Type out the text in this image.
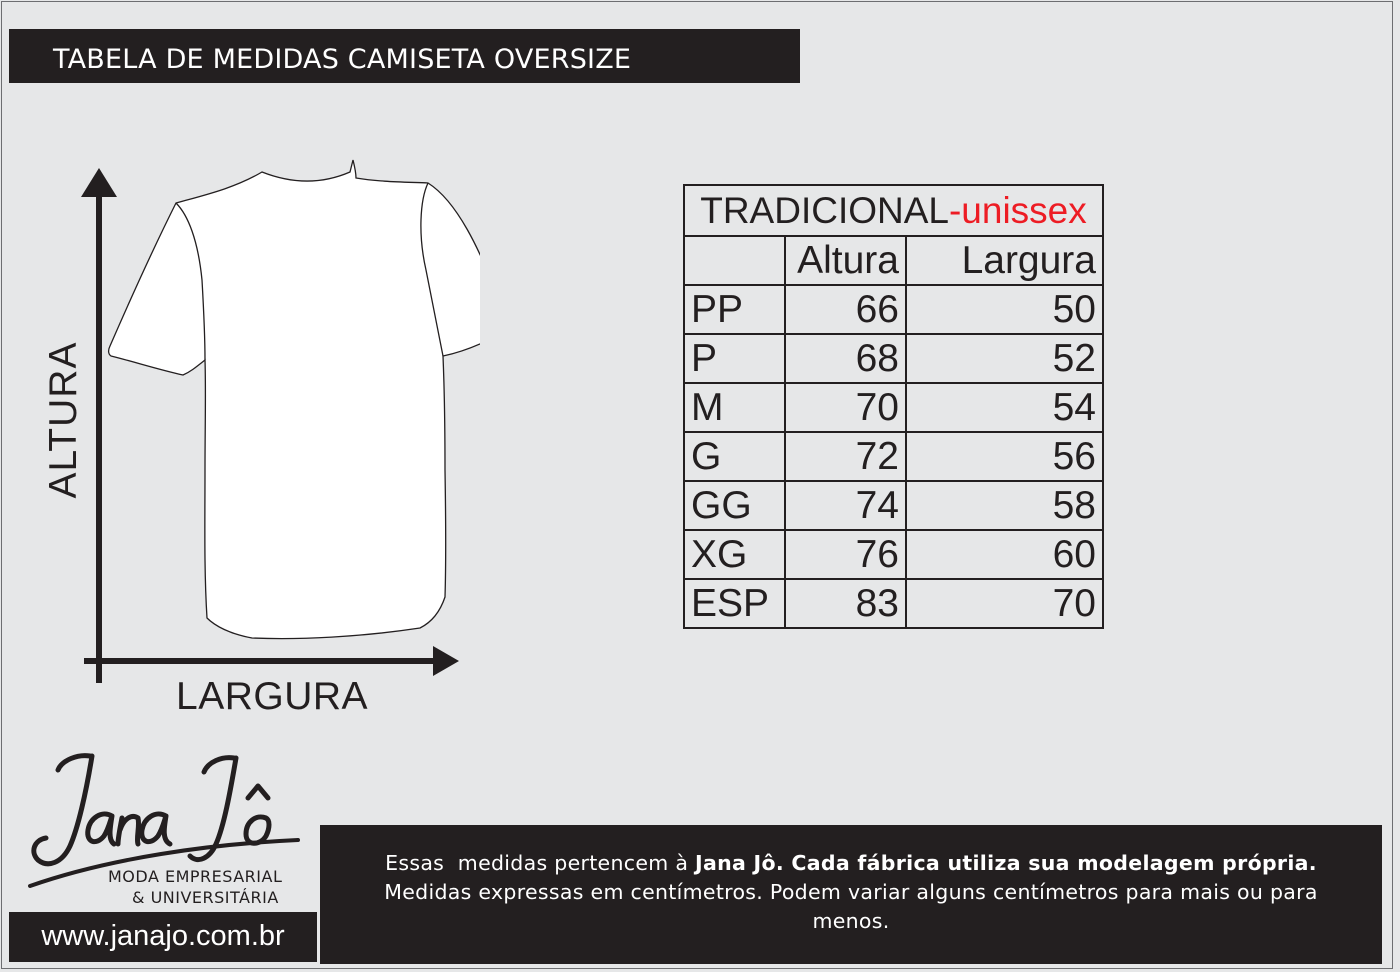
TABELA DE MEDIDAS CAMISETA OVERSIZE
ALTURA
LARGURA
TRADICIONAL-unissex		
	Altura	Largura
PP	66	50
P	68	52
M	70	54
G	72	56
GG	74	58
XG	76	60
ESP	83	70
MODA EMPRESARIAL
& UNIVERSITÁRIA
www.janajo.com.br
Essas  medidas pertencem à Jana Jô. Cada fábrica utiliza sua modelagem própria.
Medidas expressas em centímetros. Podem variar alguns centímetros para mais ou para menos.
